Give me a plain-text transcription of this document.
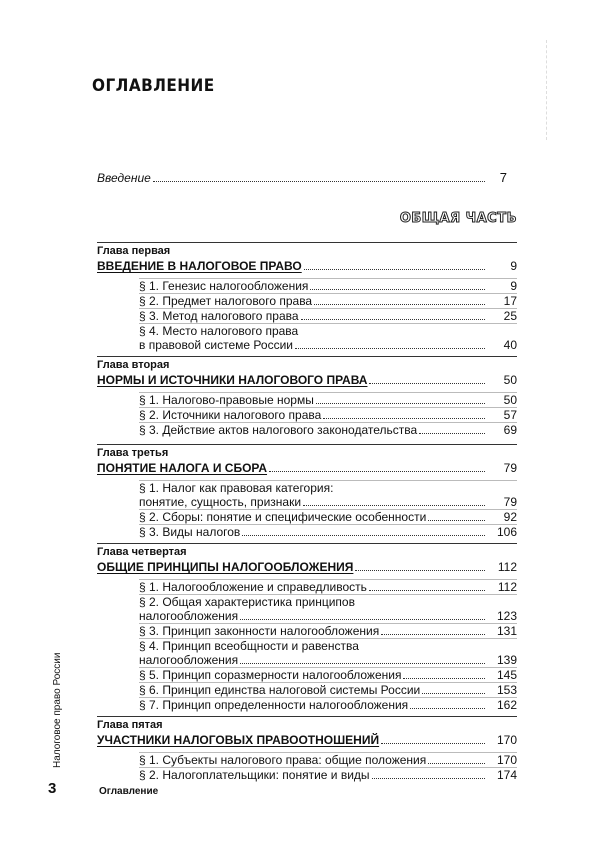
ОГЛАВЛЕНИЕ
Введение	7
ОБЩАЯ ЧАСТЬ
Глава первая
ВВЕДЕНИЕ В НАЛОГОВОЕ ПРАВО	9
§ 1. Генезис налогообложения	9
§ 2. Предмет налогового права	17
§ 3. Метод налогового права	25
§ 4. Место налогового права
в правовой системе России	40
Глава вторая
НОРМЫ И ИСТОЧНИКИ НАЛОГОВОГО ПРАВА	50
§ 1. Налогово-правовые нормы	50
§ 2. Источники налогового права	57
§ 3. Действие актов налогового законодательства	69
Глава третья
ПОНЯТИЕ НАЛОГА И СБОРА	79
§ 1. Налог как правовая категория:
понятие, сущность, признаки	79
§ 2. Сборы: понятие и специфические особенности	92
§ 3. Виды налогов	106
Глава четвертая
ОБЩИЕ ПРИНЦИПЫ НАЛОГООБЛОЖЕНИЯ	112
§ 1. Налогообложение и справедливость	112
§ 2. Общая характеристика принципов
налогообложения	123
§ 3. Принцип законности налогообложения	131
§ 4. Принцип всеобщности и равенства
налогообложения	139
§ 5. Принцип соразмерности налогообложения	145
§ 6. Принцип единства налоговой системы России	153
§ 7. Принцип определенности налогообложения	162
Глава пятая
УЧАСТНИКИ НАЛОГОВЫХ ПРАВООТНОШЕНИЙ	170
§ 1. Субъекты налогового права: общие положения	170
§ 2. Налогоплательщики: понятие и виды	174
Налоговое право России
3	Оглавление
